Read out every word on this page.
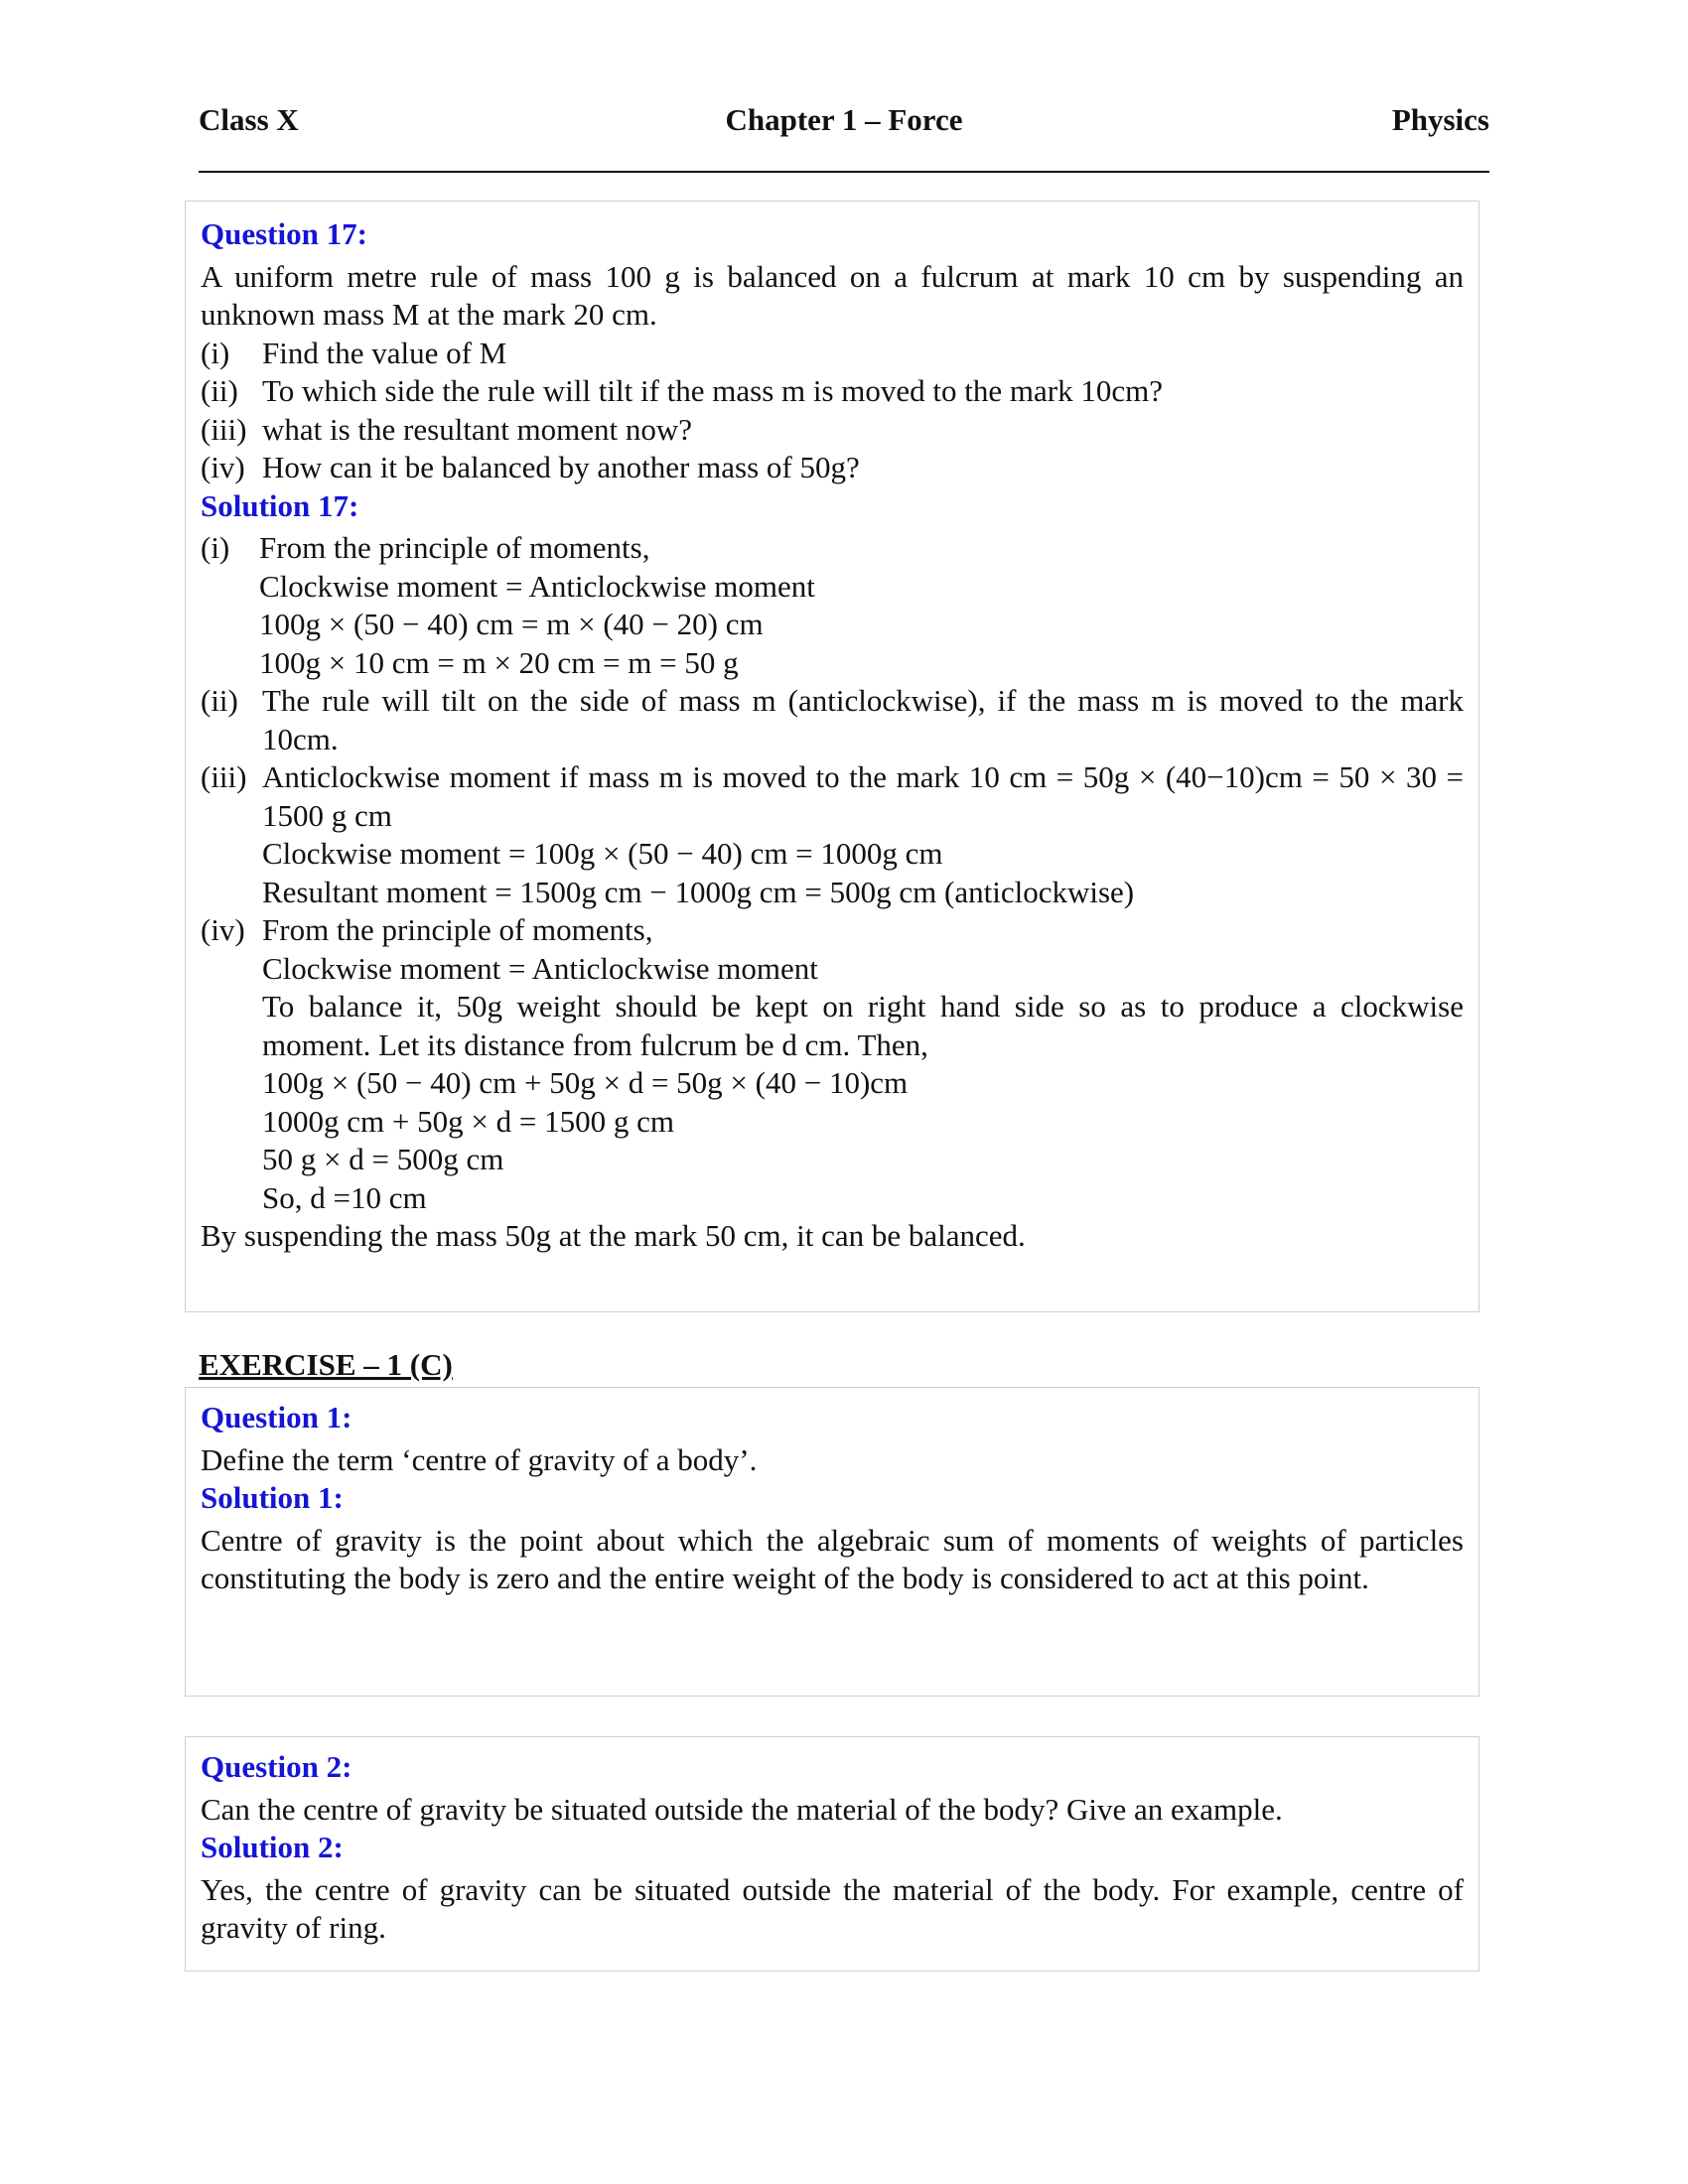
Class X	Chapter 1 – Force	Physics
Question 17:
A uniform metre rule of mass 100 g is balanced on a fulcrum at mark 10 cm by suspending an unknown mass M at the mark 20 cm.
(i)	Find the value of M
(ii) To which side the rule will tilt if the mass m is moved to the mark 10cm?
(iii) what is the resultant moment now?
(iv) How can it be balanced by another mass of 50g?
Solution 17:
(i) From the principle of moments,
Clockwise moment = Anticlockwise moment
100g × (50 − 40) cm = m × (40 − 20) cm
100g × 10 cm = m × 20 cm = m = 50 g
(ii) The rule will tilt on the side of mass m (anticlockwise), if the mass m is moved to the mark 10cm.
(iii) Anticlockwise moment if mass m is moved to the mark 10 cm = 50g × (40−10)cm = 50 × 30 = 1500 g cm
Clockwise moment = 100g × (50 − 40) cm = 1000g cm
Resultant moment = 1500g cm − 1000g cm = 500g cm (anticlockwise)
(iv) From the principle of moments,
Clockwise moment = Anticlockwise moment
To balance it, 50g weight should be kept on right hand side so as to produce a clockwise moment. Let its distance from fulcrum be d cm. Then,
100g × (50 − 40) cm + 50g × d = 50g × (40 − 10)cm
1000g cm + 50g × d = 1500 g cm
50 g × d = 500g cm
So, d =10 cm
By suspending the mass 50g at the mark 50 cm, it can be balanced.
EXERCISE – 1 (C)
Question 1:
Define the term ‘centre of gravity of a body’.
Solution 1:
Centre of gravity is the point about which the algebraic sum of moments of weights of particles constituting the body is zero and the entire weight of the body is considered to act at this point.
Question 2:
Can the centre of gravity be situated outside the material of the body? Give an example.
Solution 2:
Yes, the centre of gravity can be situated outside the material of the body. For example, centre of gravity of ring.
